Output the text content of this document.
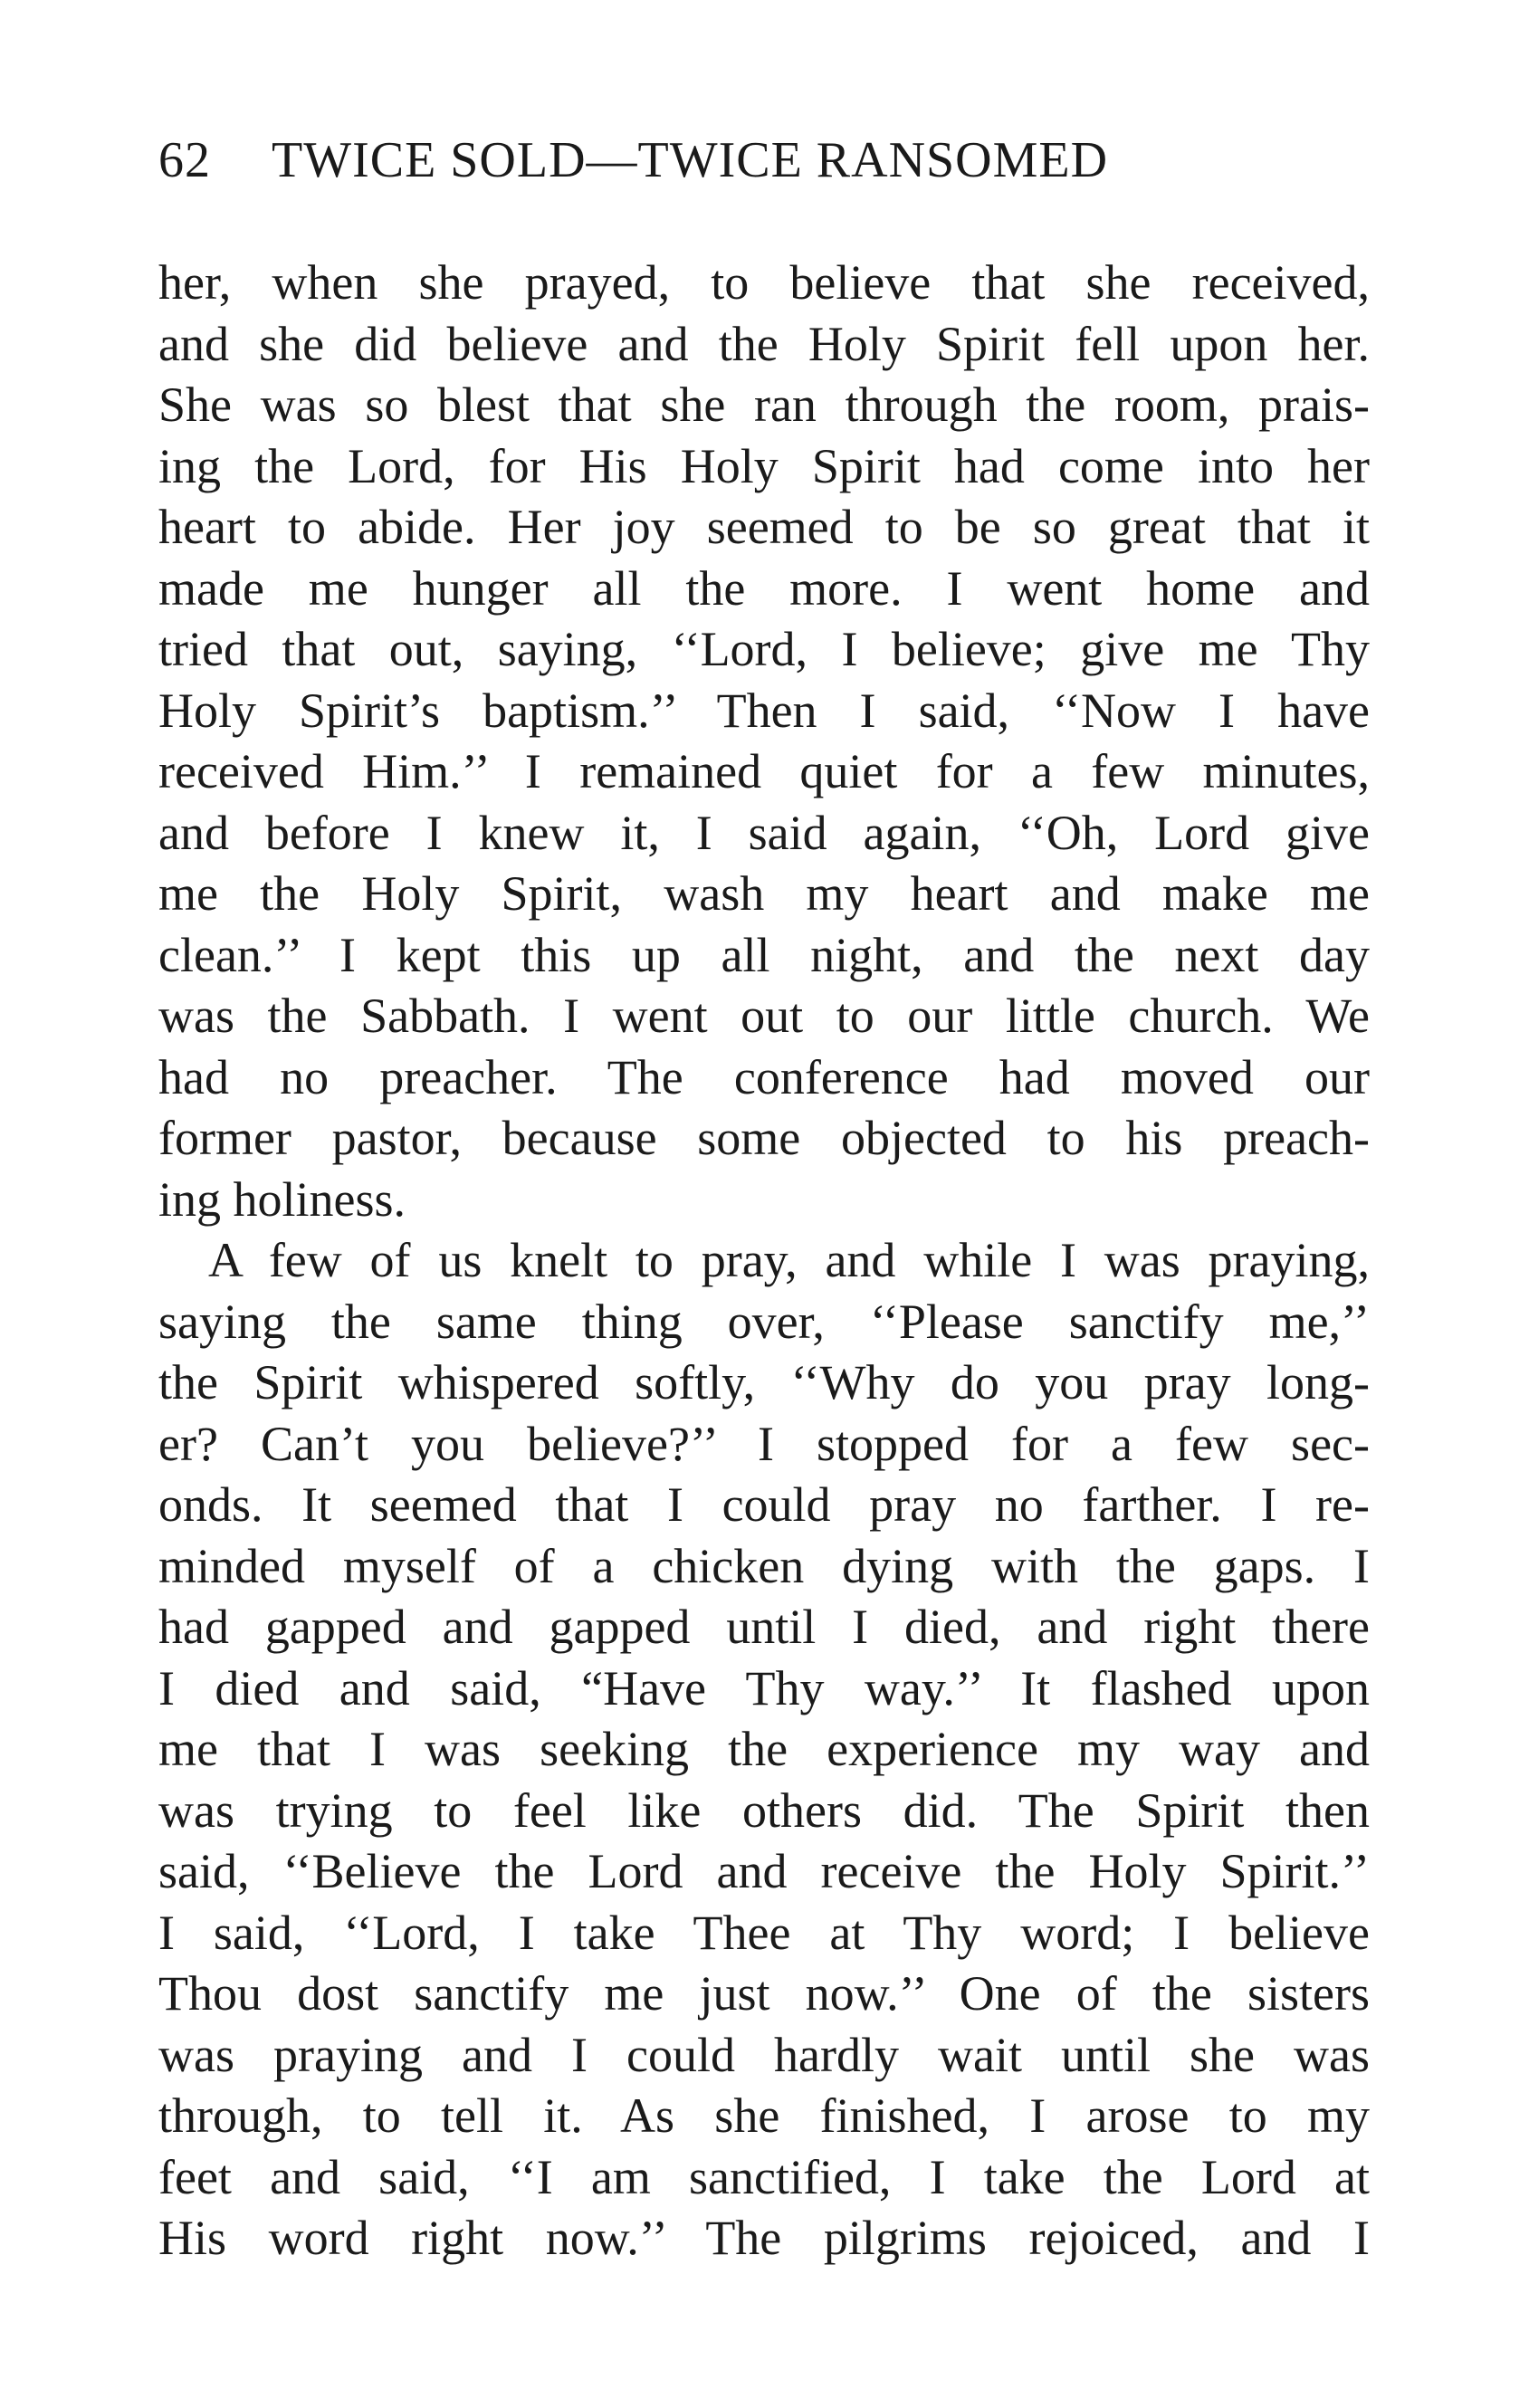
62 TWICE SOLD—TWICE RANSOMED
her, when she prayed, to believe that she received,
and she did believe and the Holy Spirit fell upon her.
She was so blest that she ran through the room, prais-
ing the Lord, for His Holy Spirit had come into her
heart to abide. Her joy seemed to be so great that it
made me hunger all the more. I went home and
tried that out, saying, ‘‘Lord, I believe; give me Thy
Holy Spirit’s baptism.’’ Then I said, ‘‘Now I have
received Him.’’ I remained quiet for a few minutes,
and before I knew it, I said again, ‘‘Oh, Lord give
me the Holy Spirit, wash my heart and make me
clean.’’ I kept this up all night, and the next day
was the Sabbath. I went out to our little church. We
had no preacher. The conference had moved our
former pastor, because some objected to his preach-
ing holiness.
A few of us knelt to pray, and while I was praying,
saying the same thing over, ‘‘Please sanctify me,’’
the Spirit whispered softly, ‘‘Why do you pray long-
er? Can’t you believe?’’ I stopped for a few sec-
onds. It seemed that I could pray no farther. I re-
minded myself of a chicken dying with the gaps. I
had gapped and gapped until I died, and right there
I died and said, “Have Thy way.’’ It flashed upon
me that I was seeking the experience my way and
was trying to feel like others did. The Spirit then
said, ‘‘Believe the Lord and receive the Holy Spirit.’’
I said, ‘‘Lord, I take Thee at Thy word; I believe
Thou dost sanctify me just now.’’ One of the sisters
was praying and I could hardly wait until she was
through, to tell it. As she finished, I arose to my
feet and said, ‘‘I am sanctified, I take the Lord at
His word right now.’’ The pilgrims rejoiced, and I
